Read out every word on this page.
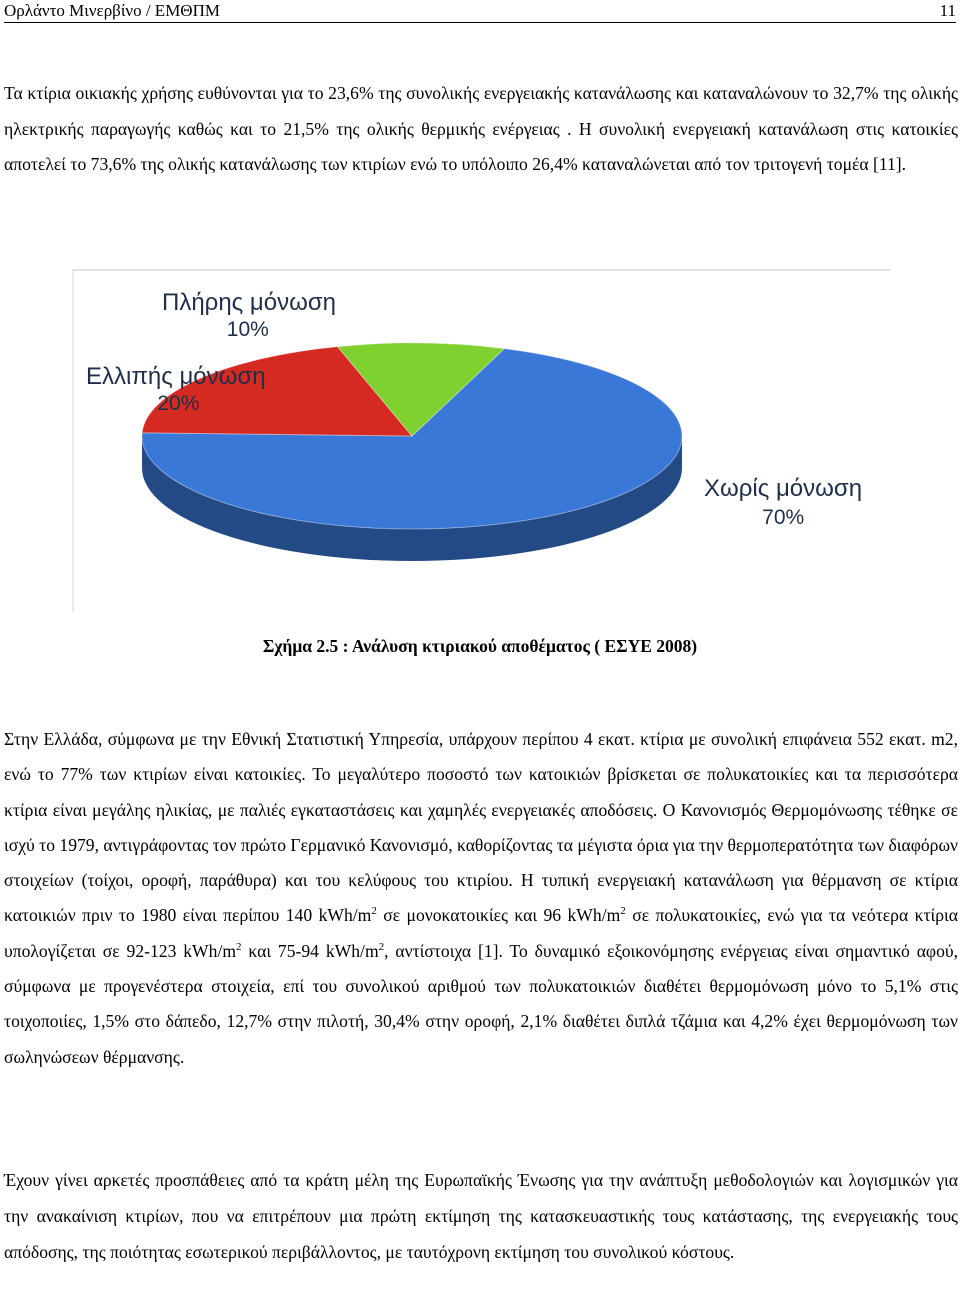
Ορλάντο Μινερβίνο / ΕΜΘΠΜ	11

Τα κτίρια οικιακής χρήσης ευθύνονται για το 23,6% της συνολικής ενεργειακής κατανάλωσης και καταναλώνουν το 32,7% της ολικής ηλεκτρικής παραγωγής καθώς και το 21,5% της ολικής θερμικής ενέργειας . Η συνολική ενεργειακή κατανάλωση στις κατοικίες αποτελεί το 73,6% της ολικής κατανάλωσης των κτιρίων ενώ το υπόλοιπο 26,4% καταναλώνεται από τον τριτογενή τομέα [11].

Χωρίς μόνωση
70%
Ελλιπής μόνωση
20%
Πλήρης μόνωση
10%
Σχήμα 2.5 : Ανάλυση κτιριακού αποθέματος ( ΕΣΥΕ 2008)

Στην Ελλάδα, σύμφωνα με την Εθνική Στατιστική Υπηρεσία, υπάρχουν περίπου 4 εκατ. κτίρια με συνολική επιφάνεια 552 εκατ. m2, ενώ το 77% των κτιρίων είναι κατοικίες. Το μεγαλύτερο ποσοστό των κατοικιών βρίσκεται σε πολυκατοικίες και τα περισσότερα κτίρια είναι μεγάλης ηλικίας, με παλιές εγκαταστάσεις και χαμηλές ενεργειακές αποδόσεις. Ο Κανονισμός Θερμομόνωσης τέθηκε σε ισχύ το 1979, αντιγράφοντας τον πρώτο Γερμανικό Κανονισμό, καθορίζοντας τα μέγιστα όρια για την θερμοπερατότητα των διαφόρων στοιχείων (τοίχοι, οροφή, παράθυρα) και του κελύφους του κτιρίου. Η τυπική ενεργειακή κατανάλωση για θέρμανση σε κτίρια κατοικιών πριν το 1980 είναι περίπου 140 kWh/$m^2$ σε μονοκατοικίες και 96 kWh/$m^2$ σε πολυκατοικίες, ενώ για τα νεότερα κτίρια υπολογίζεται σε 92-123 kWh/$m^2$ και 75-94 kWh/$m^2$, αντίστοιχα [1]. Το δυναμικό εξοικονόμησης ενέργειας είναι σημαντικό αφού, σύμφωνα με προγενέστερα στοιχεία, επί του συνολικού αριθμού των πολυκατοικιών διαθέτει θερμομόνωση μόνο το 5,1% στις τοιχοποιίες, 1,5% στο δάπεδο, 12,7% στην πιλοτή, 30,4% στην οροφή, 2,1% διαθέτει διπλά τζάμια και 4,2% έχει θερμομόνωση των σωληνώσεων θέρμανσης.

Έχουν γίνει αρκετές προσπάθειες από τα κράτη μέλη της Ευρωπαϊκής Ένωσης για την ανάπτυξη μεθοδολογιών και λογισμικών για την ανακαίνιση κτιρίων, που να επιτρέπουν μια πρώτη εκτίμηση της κατασκευαστικής τους κατάστασης, της ενεργειακής τους απόδοσης, της ποιότητας εσωτερικού περιβάλλοντος, με ταυτόχρονη εκτίμηση του συνολικού κόστους.
